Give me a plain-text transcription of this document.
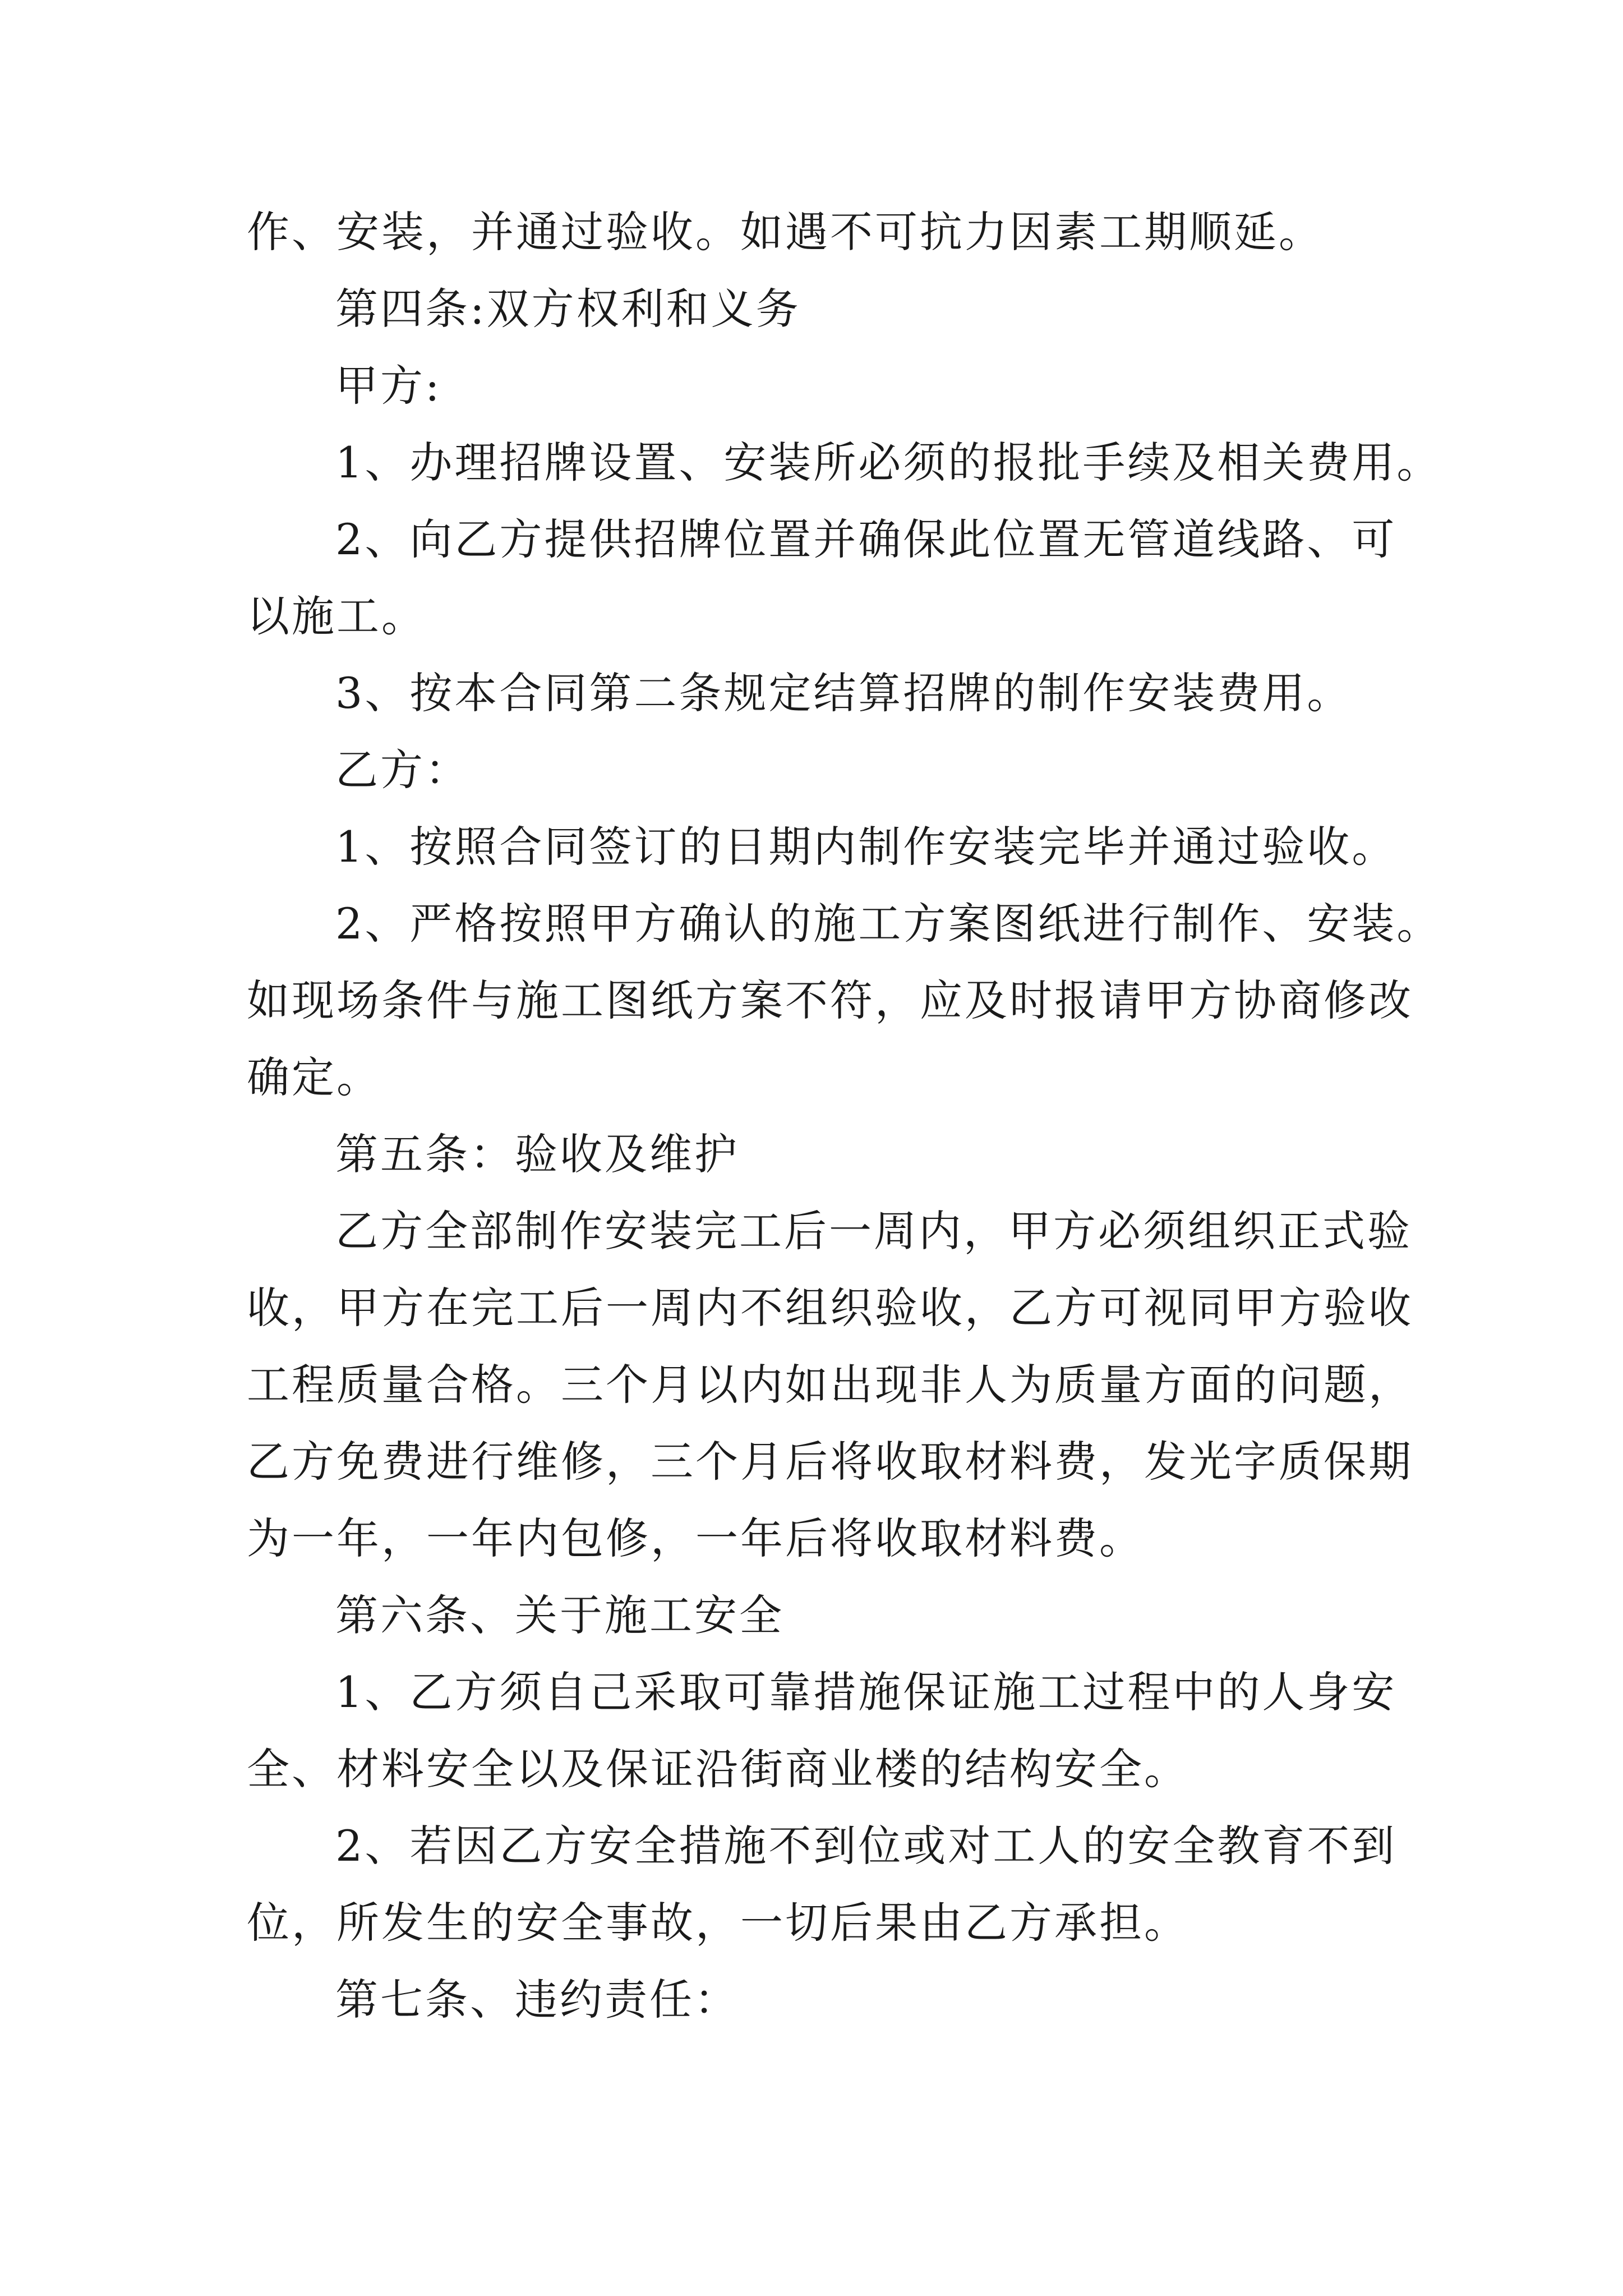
作、安装，并通过验收。如遇不可抗力因素工期顺延。
第四条:双方权利和义务
甲方:
1、办理招牌设置、安装所必须的报批手续及相关费用。
2、向乙方提供招牌位置并确保此位置无管道线路、可
以施工。
3、按本合同第二条规定结算招牌的制作安装费用。
乙方：
1、按照合同签订的日期内制作安装完毕并通过验收。
2、严格按照甲方确认的施工方案图纸进行制作、安装。
如现场条件与施工图纸方案不符，应及时报请甲方协商修改
确定。
第五条：验收及维护
乙方全部制作安装完工后一周内，甲方必须组织正式验
收，甲方在完工后一周内不组织验收，乙方可视同甲方验收
工程质量合格。三个月以内如出现非人为质量方面的问题，
乙方免费进行维修，三个月后将收取材料费，发光字质保期
为一年，一年内包修，一年后将收取材料费。
第六条、关于施工安全
1、乙方须自己采取可靠措施保证施工过程中的人身安
全、材料安全以及保证沿街商业楼的结构安全。
2、若因乙方安全措施不到位或对工人的安全教育不到
位，所发生的安全事故，一切后果由乙方承担。
第七条、违约责任：
